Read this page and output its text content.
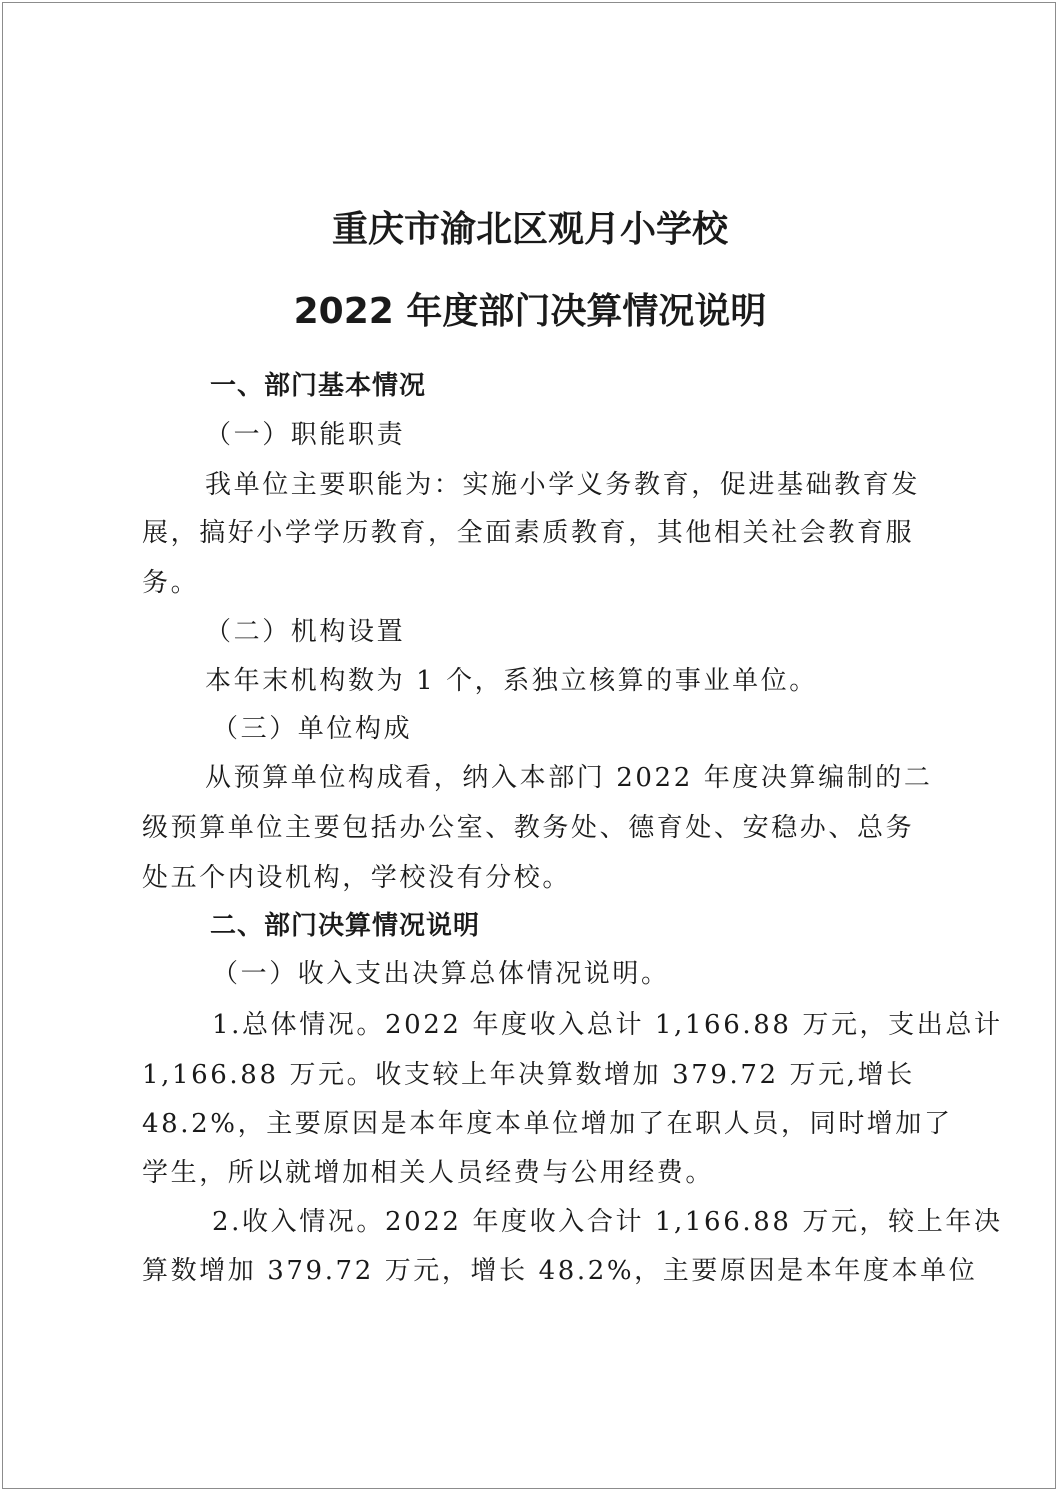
重庆市渝北区观月小学校
2022 年度部门决算情况说明
一、部门基本情况
（一）职能职责
我单位主要职能为：实施小学义务教育，促进基础教育发
展，搞好小学学历教育，全面素质教育，其他相关社会教育服
务。
（二）机构设置
本年末机构数为 1 个，系独立核算的事业单位。
（三）单位构成
从预算单位构成看，纳入本部门 2022 年度决算编制的二
级预算单位主要包括办公室、教务处、德育处、安稳办、总务
处五个内设机构，学校没有分校。
二、部门决算情况说明
（一）收入支出决算总体情况说明。
1.总体情况。2022 年度收入总计 1,166.88 万元，支出总计
1,166.88 万元。收支较上年决算数增加 379.72 万元,增长
48.2%，主要原因是本年度本单位增加了在职人员，同时增加了
学生，所以就增加相关人员经费与公用经费。
2.收入情况。2022 年度收入合计 1,166.88 万元，较上年决
算数增加 379.72 万元，增长 48.2%，主要原因是本年度本单位
